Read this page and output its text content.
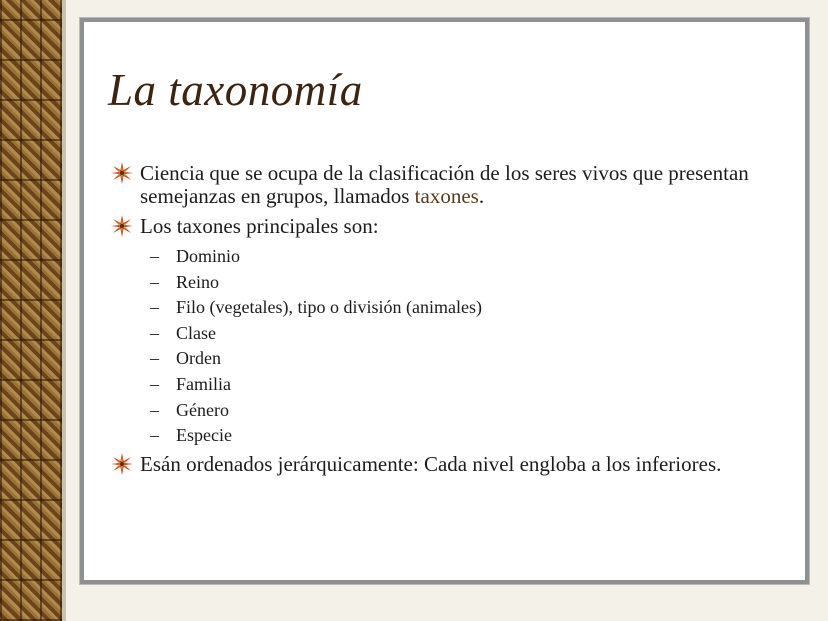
La taxonomía
Ciencia que se ocupa de la clasificación de los seres vivos que presentan semejanzas en grupos, llamados taxones.
Los taxones principales son:
– Dominio
– Reino
– Filo (vegetales), tipo o división (animales)
– Clase
– Orden
– Familia
– Género
– Especie
Esán ordenados jerárquicamente: Cada nivel engloba a los inferiores.
